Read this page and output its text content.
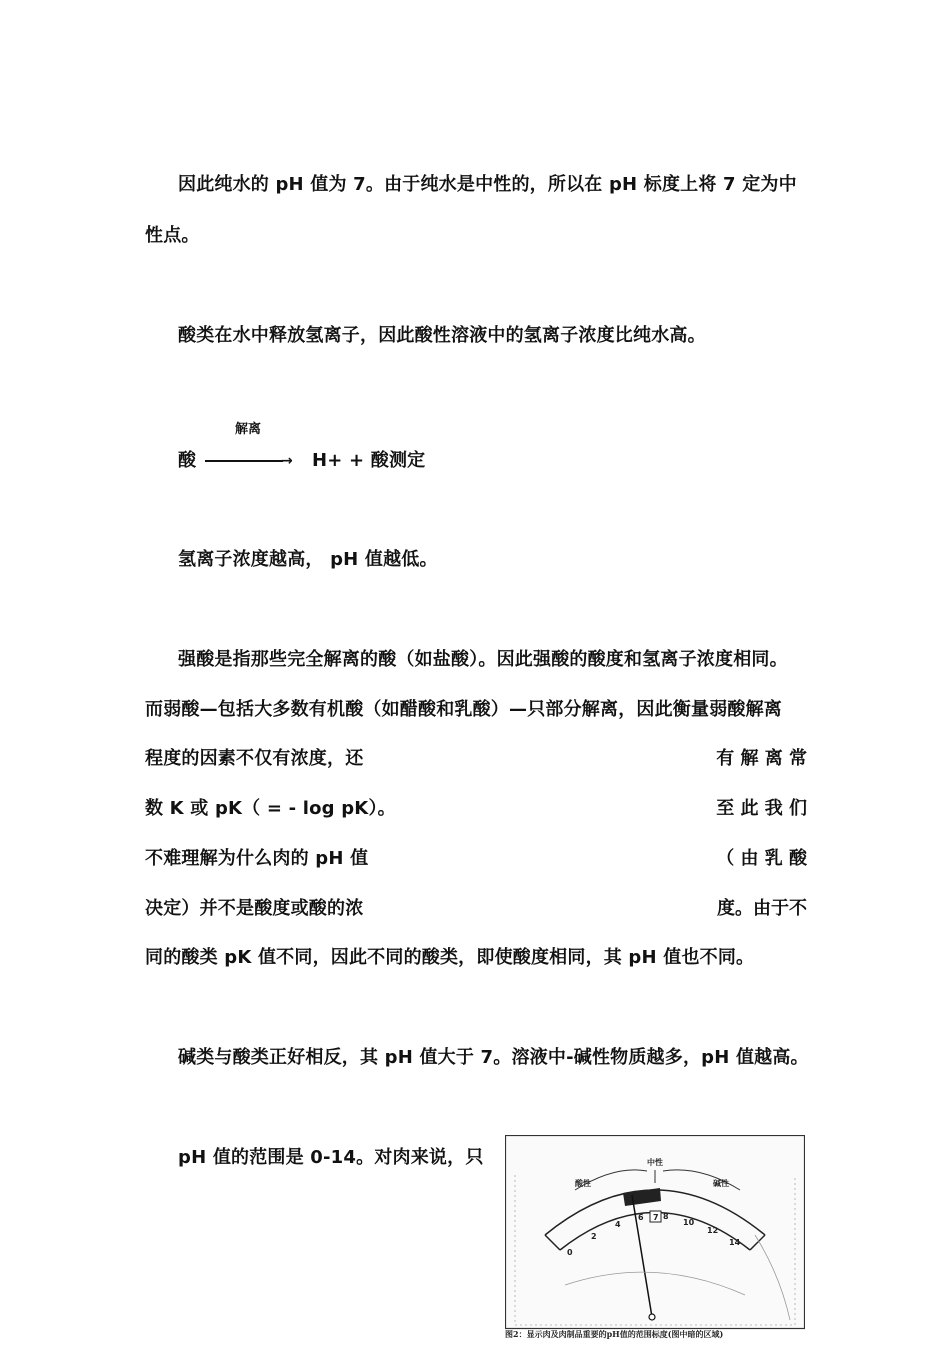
因此纯水的 pH 值为 7。由于纯水是中性的，所以在 pH 标度上将 7 定为中
性点。
酸类在水中释放氢离子，因此酸性溶液中的氢离子浓度比纯水高。
解离
酸	→ H+ + 酸测定
氢离子浓度越高， pH 值越低。
强酸是指那些完全解离的酸（如盐酸）。因此强酸的酸度和氢离子浓度相同。
而弱酸—包括大多数有机酸（如醋酸和乳酸）—只部分解离，因此衡量弱酸解离
程度的因素不仅有浓度，还	有 解 离 常
数 K 或 pK（ = - log pK）。	至 此 我 们
不难理解为什么肉的 pH 值	（ 由 乳 酸
决定）并不是酸度或酸的浓	度。由于不
同的酸类 pK 值不同，因此不同的酸类，即使酸度相同，其 pH 值也不同。
碱类与酸类正好相反，其 pH 值大于 7。溶液中-碱性物质越多，pH 值越高。
pH 值的范围是 0-14。对肉来说，只	中性
酸性	碱性
0
2
4
6 7 8
10
12
14
图2：显示肉及肉制品重要的pH值的范围标度(图中暗的区域)
